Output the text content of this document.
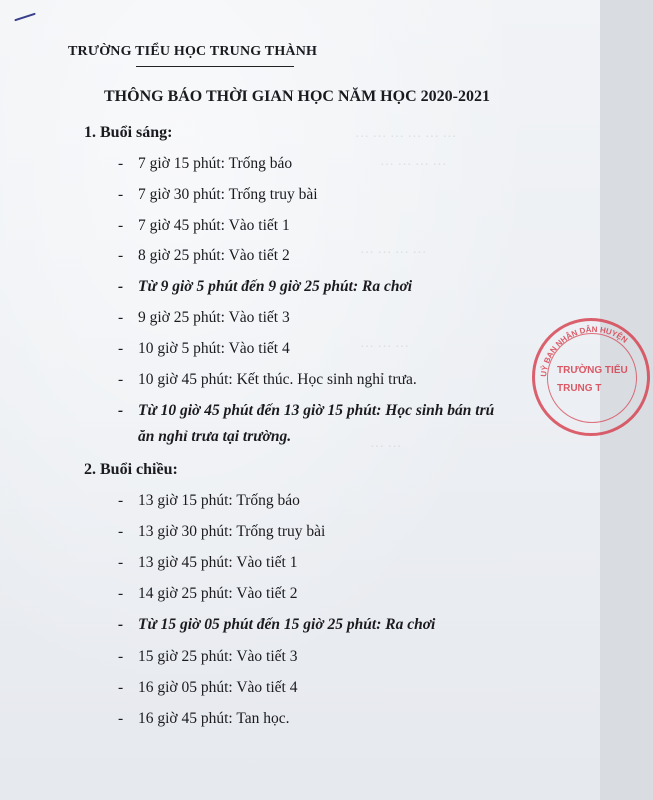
··· ··· ··· ··· ··· ···
··· ··· ··· ···
··· ··· ··· ···
··· ··· ···
··· ···
TRƯỜNG TIỂU HỌC TRUNG THÀNH
THÔNG BÁO THỜI GIAN HỌC NĂM HỌC 2020-2021
1. Buổi sáng:
- 7 giờ 15 phút: Trống báo
- 7 giờ 30 phút: Trống truy bài
- 7 giờ 45 phút: Vào tiết 1
- 8 giờ 25 phút: Vào tiết 2
- Từ 9 giờ 5 phút đến 9 giờ 25 phút: Ra chơi
- 9 giờ 25 phút: Vào tiết 3
- 10 giờ 5 phút: Vào tiết 4
- 10 giờ 45 phút: Kết thúc. Học sinh nghỉ trưa.
- Từ 10 giờ 45 phút đến 13 giờ 15 phút: Học sinh bán trú
ăn nghỉ trưa tại trường.
2. Buổi chiều:
- 13 giờ 15 phút: Trống báo
- 13 giờ 30 phút: Trống truy bài
- 13 giờ 45 phút: Vào tiết 1
- 14 giờ 25 phút: Vào tiết 2
- Từ 15 giờ 05 phút đến 15 giờ 25 phút: Ra chơi
- 15 giờ 25 phút: Vào tiết 3
- 16 giờ 05 phút: Vào tiết 4
- 16 giờ 45 phút: Tan học.
UỶ BAN NHÂN DÂN HUYỆN
TRƯỜNG TIỂU
TRUNG T
